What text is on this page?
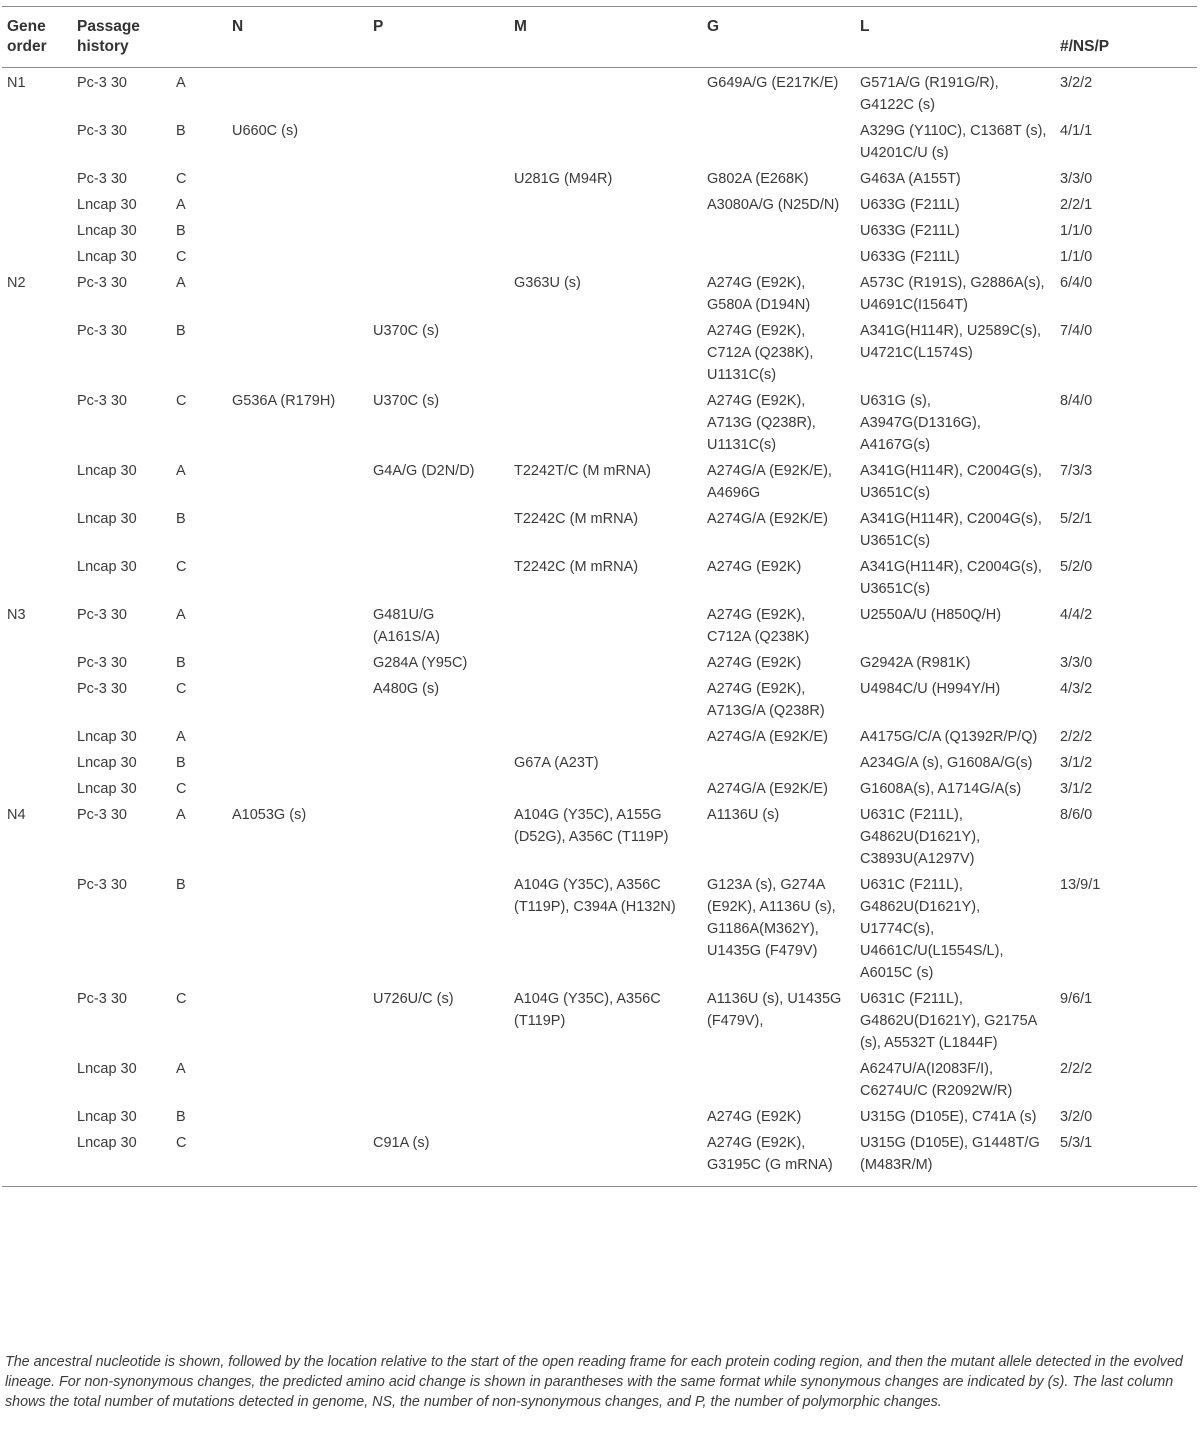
Gene order	Passage history		N	P	M	G	L	#/NS/P
N1	Pc-3 30	A				G649A/G (E217K/E)	G571A/G (R191G/R), G4122C (s)	3/2/2
	Pc-3 30	B	U660C (s)				A329G (Y110C), C1368T (s), U4201C/U (s)	4/1/1
	Pc-3 30	C			U281G (M94R)	G802A (E268K)	G463A (A155T)	3/3/0
	Lncap 30	A				A3080A/G (N25D/N)	U633G (F211L)	2/2/1
	Lncap 30	B					U633G (F211L)	1/1/0
	Lncap 30	C					U633G (F211L)	1/1/0
N2	Pc-3 30	A			G363U (s)	A274G (E92K), G580A (D194N)	A573C (R191S), G2886A(s), U4691C(I1564T)	6/4/0
	Pc-3 30	B		U370C (s)		A274G (E92K), C712A (Q238K), U1131C(s)	A341G(H114R), U2589C(s), U4721C(L1574S)	7/4/0
	Pc-3 30	C	G536A (R179H)	U370C (s)		A274G (E92K), A713G (Q238R), U1131C(s)	U631G (s), A3947G(D1316G), A4167G(s)	8/4/0
	Lncap 30	A		G4A/G (D2N/D)	T2242T/C (M mRNA)	A274G/A (E92K/E), A4696G	A341G(H114R), C2004G(s), U3651C(s)	7/3/3
	Lncap 30	B			T2242C (M mRNA)	A274G/A (E92K/E)	A341G(H114R), C2004G(s), U3651C(s)	5/2/1
	Lncap 30	C			T2242C (M mRNA)	A274G (E92K)	A341G(H114R), C2004G(s), U3651C(s)	5/2/0
N3	Pc-3 30	A		G481U/G (A161S/A)		A274G (E92K), C712A (Q238K)	U2550A/U (H850Q/H)	4/4/2
	Pc-3 30	B		G284A (Y95C)		A274G (E92K)	G2942A (R981K)	3/3/0
	Pc-3 30	C		A480G (s)		A274G (E92K), A713G/A (Q238R)	U4984C/U (H994Y/H)	4/3/2
	Lncap 30	A				A274G/A (E92K/E)	A4175G/C/A (Q1392R/P/Q)	2/2/2
	Lncap 30	B			G67A (A23T)		A234G/A (s), G1608A/G(s)	3/1/2
	Lncap 30	C				A274G/A (E92K/E)	G1608A(s), A1714G/A(s)	3/1/2
N4	Pc-3 30	A	A1053G (s)		A104G (Y35C), A155G (D52G), A356C (T119P)	A1136U (s)	U631C (F211L), G4862U(D1621Y), C3893U(A1297V)	8/6/0
	Pc-3 30	B			A104G (Y35C), A356C (T119P), C394A (H132N)	G123A (s), G274A (E92K), A1136U (s), G1186A(M362Y), U1435G (F479V)	U631C (F211L), G4862U(D1621Y), U1774C(s), U4661C/U(L1554S/L), A6015C (s)	13/9/1
	Pc-3 30	C		U726U/C (s)	A104G (Y35C), A356C (T119P)	A1136U (s), U1435G (F479V),	U631C (F211L), G4862U(D1621Y), G2175A (s), A5532T (L1844F)	9/6/1
	Lncap 30	A					A6247U/A(I2083F/I), C6274U/C (R2092W/R)	2/2/2
	Lncap 30	B				A274G (E92K)	U315G (D105E), C741A (s)	3/2/0
	Lncap 30	C		C91A (s)		A274G (E92K), G3195C (G mRNA)	U315G (D105E), G1448T/G (M483R/M)	5/3/1

The ancestral nucleotide is shown, followed by the location relative to the start of the open reading frame for each protein coding region, and then the mutant allele detected in the evolved lineage. For non-synonymous changes, the predicted amino acid change is shown in parantheses with the same format while synonymous changes are indicated by (s). The last column shows the total number of mutations detected in genome, NS, the number of non-synonymous changes, and P, the number of polymorphic changes.
